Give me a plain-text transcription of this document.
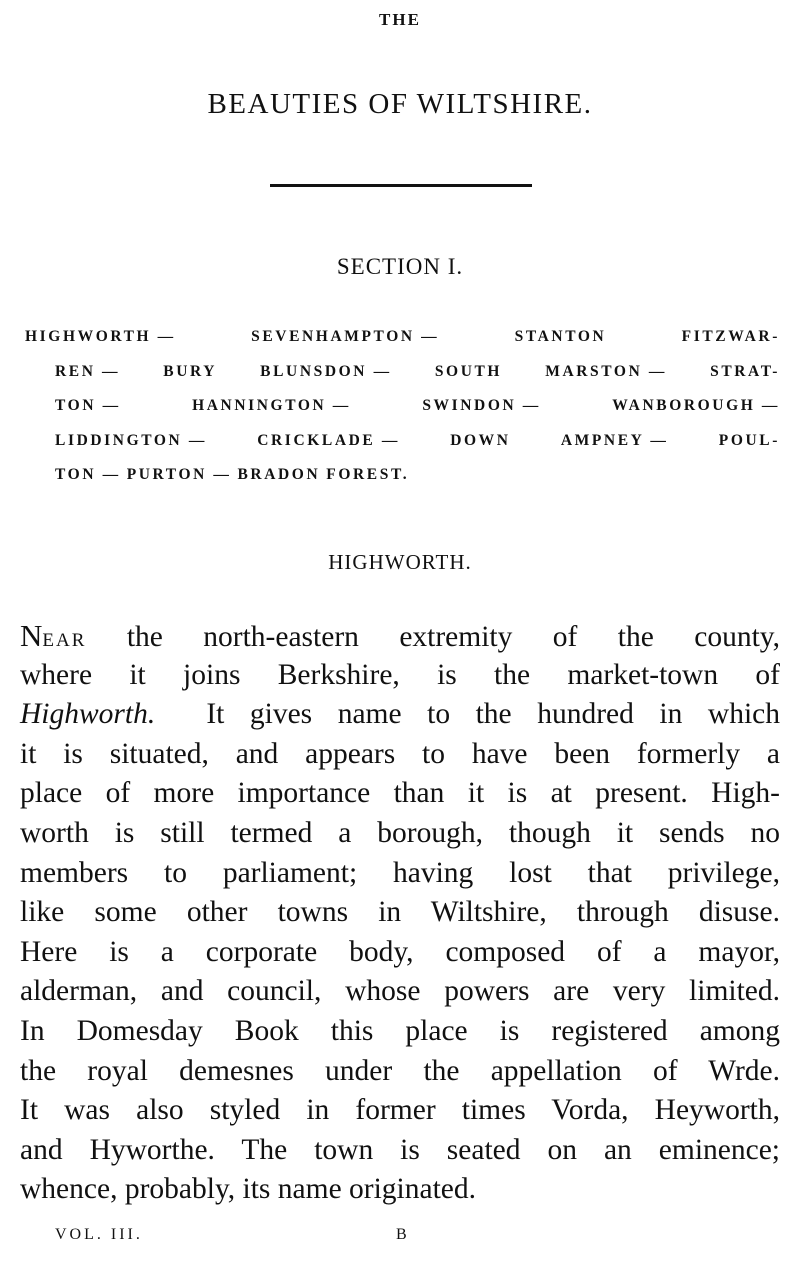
THE
BEAUTIES OF WILTSHIRE.
SECTION I.
HIGHWORTH —	SEVENHAMPTON —	STANTON	FITZWAR-
REN —	BURY	BLUNSDON —	SOUTH	MARSTON —	STRAT-
TON —	HANNINGTON —	SWINDON —	WANBOROUGH —
LIDDINGTON —	CRICKLADE —	DOWN	AMPNEY —	POUL-
TON — PURTON — BRADON FOREST.
HIGHWORTH.
NEAR the north-eastern extremity of the county,
where it joins Berkshire, is the market-town of
Highworth.  It gives name to the hundred in which
it is situated, and appears to have been formerly a
place of more importance than it is at present. High-
worth is still termed a borough, though it sends no
members to parliament; having lost that privilege,
like some other towns in Wiltshire, through disuse.
Here is a corporate body, composed of a mayor,
alderman, and council, whose powers are very limited.
In Domesday Book this place is registered among
the royal demesnes under the appellation of Wrde.
It was also styled in former times Vorda, Heyworth,
and Hyworthe. The town is seated on an eminence;
whence, probably, its name originated.
VOL. III.	B
